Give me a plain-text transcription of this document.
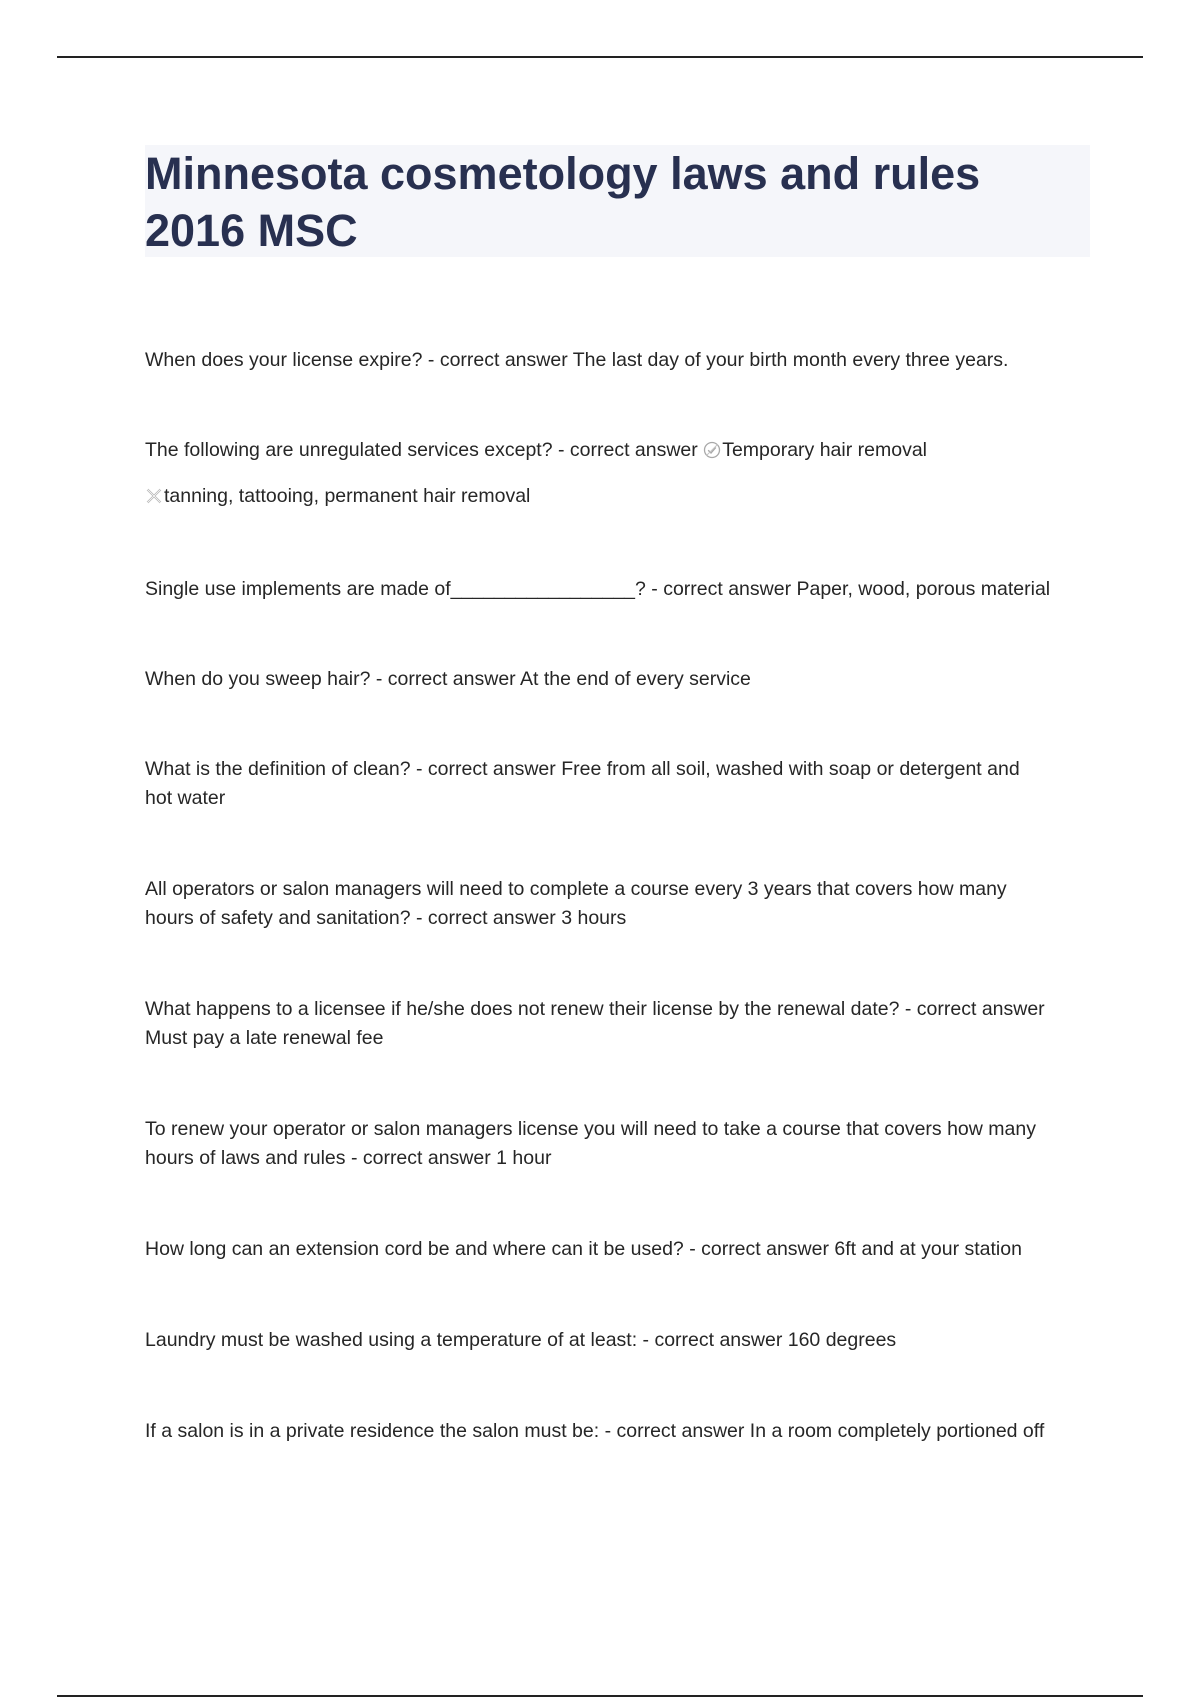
Minnesota cosmetology laws and rules
2016 MSC

When does your license expire? - correct answer The last day of your birth month every three years.

The following are unregulated services except? - correct answer Temporary hair removal
tanning, tattooing, permanent hair removal

Single use implements are made of_________________? - correct answer Paper, wood, porous material

When do you sweep hair? - correct answer At the end of every service

What is the definition of clean? - correct answer Free from all soil, washed with soap or detergent and
hot water
All operators or salon managers will need to complete a course every 3 years that covers how many
hours of safety and sanitation? - correct answer 3 hours
What happens to a licensee if he/she does not renew their license by the renewal date? - correct answer
Must pay a late renewal fee
To renew your operator or salon managers license you will need to take a course that covers how many
hours of laws and rules - correct answer 1 hour

How long can an extension cord be and where can it be used? - correct answer 6ft and at your station

Laundry must be washed using a temperature of at least: - correct answer 160 degrees

If a salon is in a private residence the salon must be: - correct answer In a room completely portioned off
